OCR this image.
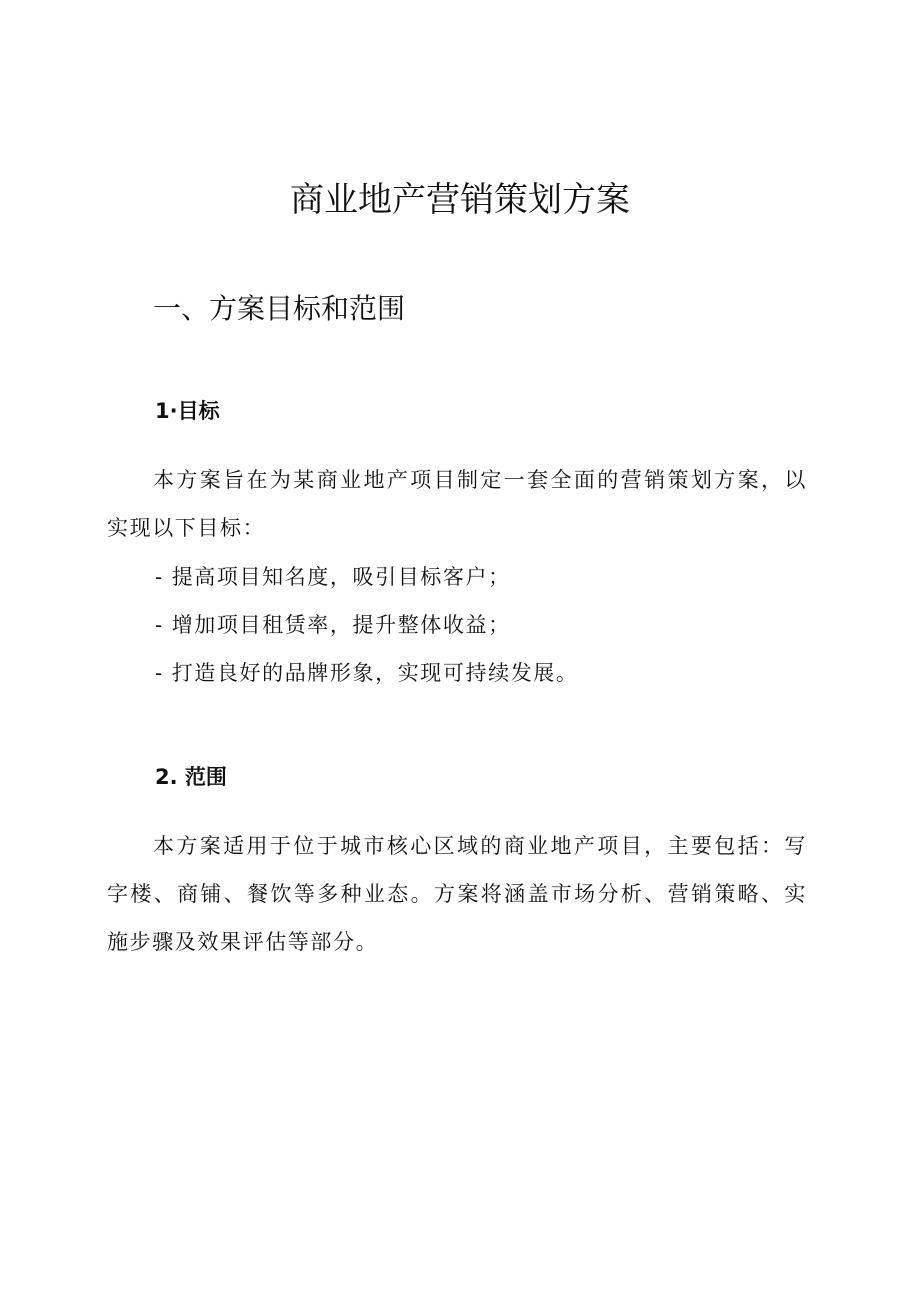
商业地产营销策划方案
一、方案目标和范围
1·目标

本方案旨在为某商业地产项目制定一套全面的营销策划方案，以实现以下目标：

- 提高项目知名度，吸引目标客户；
- 增加项目租赁率，提升整体收益；
- 打造良好的品牌形象，实现可持续发展。
2. 范围

本方案适用于位于城市核心区域的商业地产项目，主要包括：写字楼、商铺、餐饮等多种业态。方案将涵盖市场分析、营销策略、实施步骤及效果评估等部分。
